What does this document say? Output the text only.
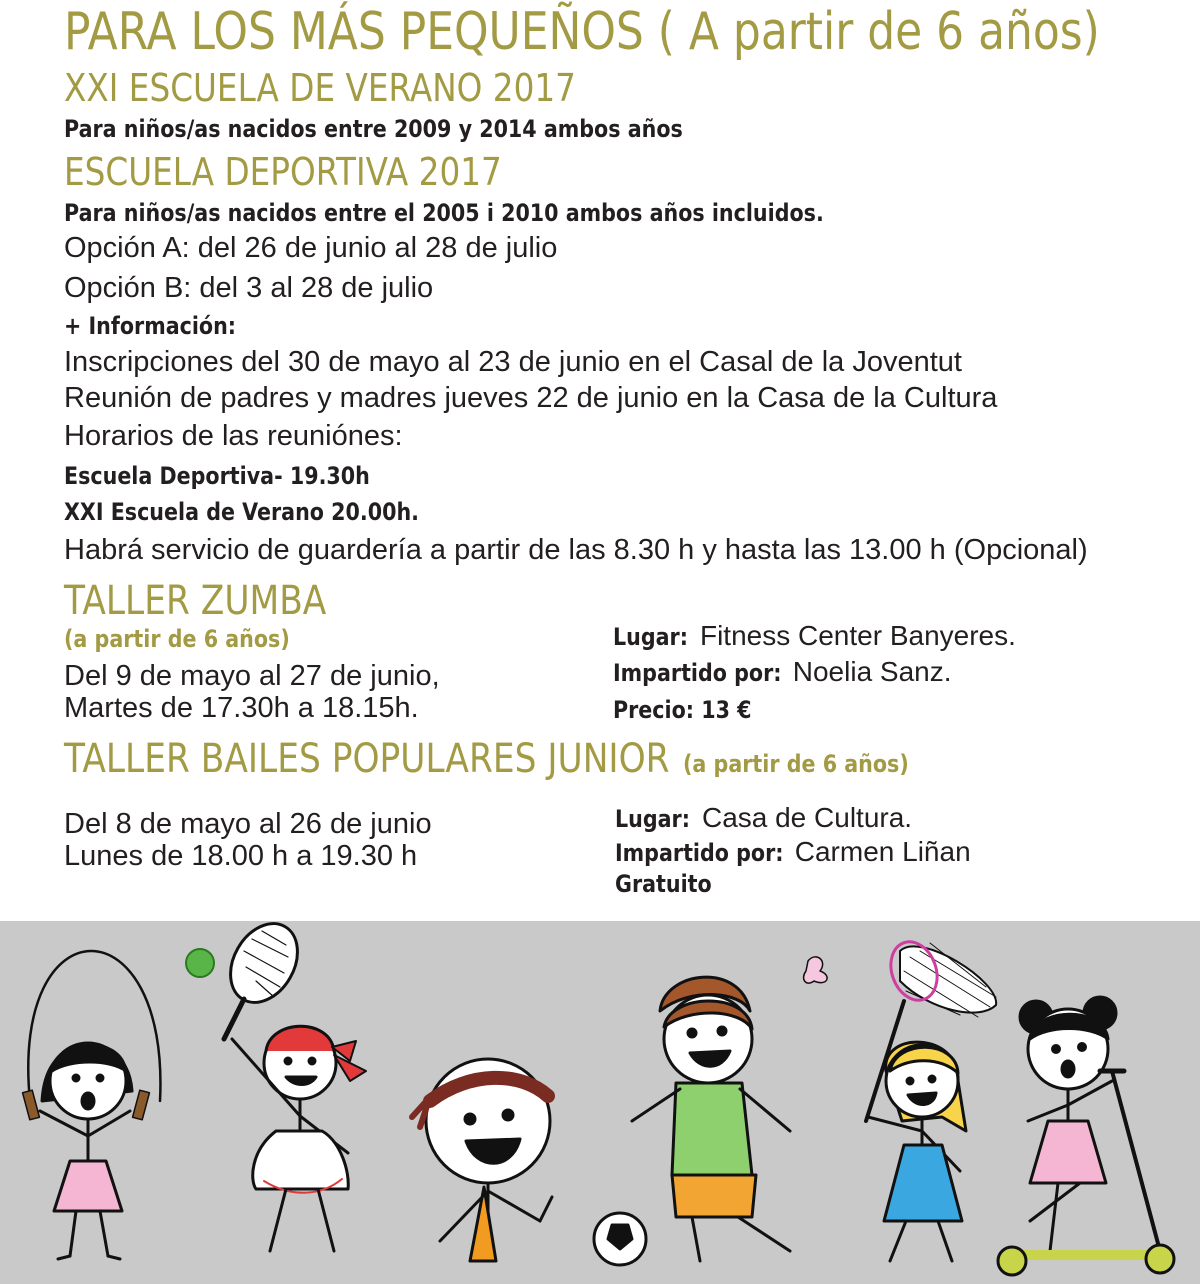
PARA LOS MÁS PEQUEÑOS ( A partir de 6 años)
XXI ESCUELA DE VERANO 2017
Para niños/as nacidos entre 2009 y 2014 ambos años
ESCUELA DEPORTIVA 2017
Para niños/as nacidos entre el 2005 i 2010 ambos años incluidos.
Opción A: del 26 de junio al 28 de julio
Opción B: del 3 al 28 de julio
+ Información:
Inscripciones del 30 de mayo al 23 de junio en el Casal de la Joventut
Reunión de padres y madres jueves 22 de junio en la Casa de la Cultura
Horarios de las reuniónes:
Escuela Deportiva- 19.30h
XXI Escuela de Verano 20.00h.
Habrá servicio de guardería a partir de las 8.30 h y hasta las 13.00 h (Opcional)
TALLER ZUMBA
(a partir de 6 años)
Del 9 de mayo al 27 de junio,
Martes de 17.30h a 18.15h.
Lugar: Fitness Center Banyeres.
Impartido por: Noelia Sanz.
Precio: 13 €
TALLER BAILES POPULARES JUNIOR (a partir de 6 años)
Del 8 de mayo al 26 de junio
Lunes de 18.00 h a 19.30 h
Lugar: Casa de Cultura.
Impartido por: Carmen Liñan
Gratuito
